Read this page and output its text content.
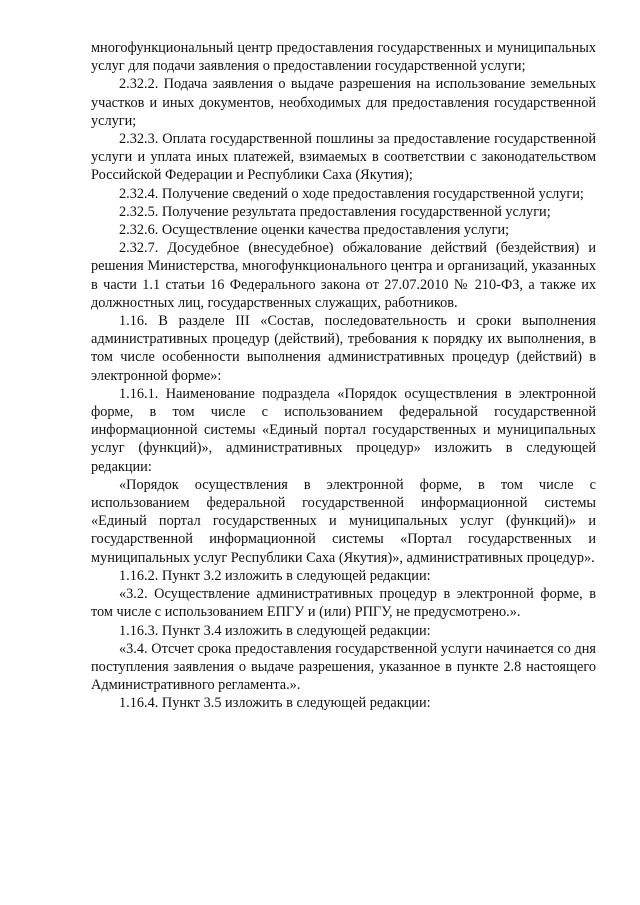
многофункциональный центр предоставления государственных и муниципальных услуг для подачи заявления о предоставлении государственной услуги;

2.32.2. Подача заявления о выдаче разрешения на использование земельных участков и иных документов, необходимых для предоставления государственной услуги;

2.32.3. Оплата государственной пошлины за предоставление государственной услуги и уплата иных платежей, взимаемых в соответствии с законодательством Российской Федерации и Республики Саха (Якутия);

2.32.4. Получение сведений о ходе предоставления государственной услуги;

2.32.5. Получение результата предоставления государственной услуги;

2.32.6. Осуществление оценки качества предоставления услуги;

2.32.7. Досудебное (внесудебное) обжалование действий (бездействия) и решения Министерства, многофункционального центра и организаций, указанных в части 1.1 статьи 16 Федерального закона от 27.07.2010 № 210-ФЗ, а также их должностных лиц, государственных служащих, работников.

1.16. В разделе III «Состав, последовательность и сроки выполнения административных процедур (действий), требования к порядку их выполнения, в том числе особенности выполнения административных процедур (действий) в электронной форме»:

1.16.1. Наименование подраздела «Порядок осуществления в электронной форме, в том числе с использованием федеральной государственной информационной системы «Единый портал государственных и муниципальных услуг (функций)», административных процедур» изложить в следующей редакции:

«Порядок осуществления в электронной форме, в том числе с использованием федеральной государственной информационной системы «Единый портал государственных и муниципальных услуг (функций)» и государственной информационной системы «Портал государственных и муниципальных услуг Республики Саха (Якутия)», административных процедур».

1.16.2. Пункт 3.2 изложить в следующей редакции:

«3.2. Осуществление административных процедур в электронной форме, в том числе с использованием ЕПГУ и (или) РПГУ, не предусмотрено.».

1.16.3. Пункт 3.4 изложить в следующей редакции:

«3.4. Отсчет срока предоставления государственной услуги начинается со дня поступления заявления о выдаче разрешения, указанное в пункте 2.8 настоящего Административного регламента.».

1.16.4. Пункт 3.5 изложить в следующей редакции:
